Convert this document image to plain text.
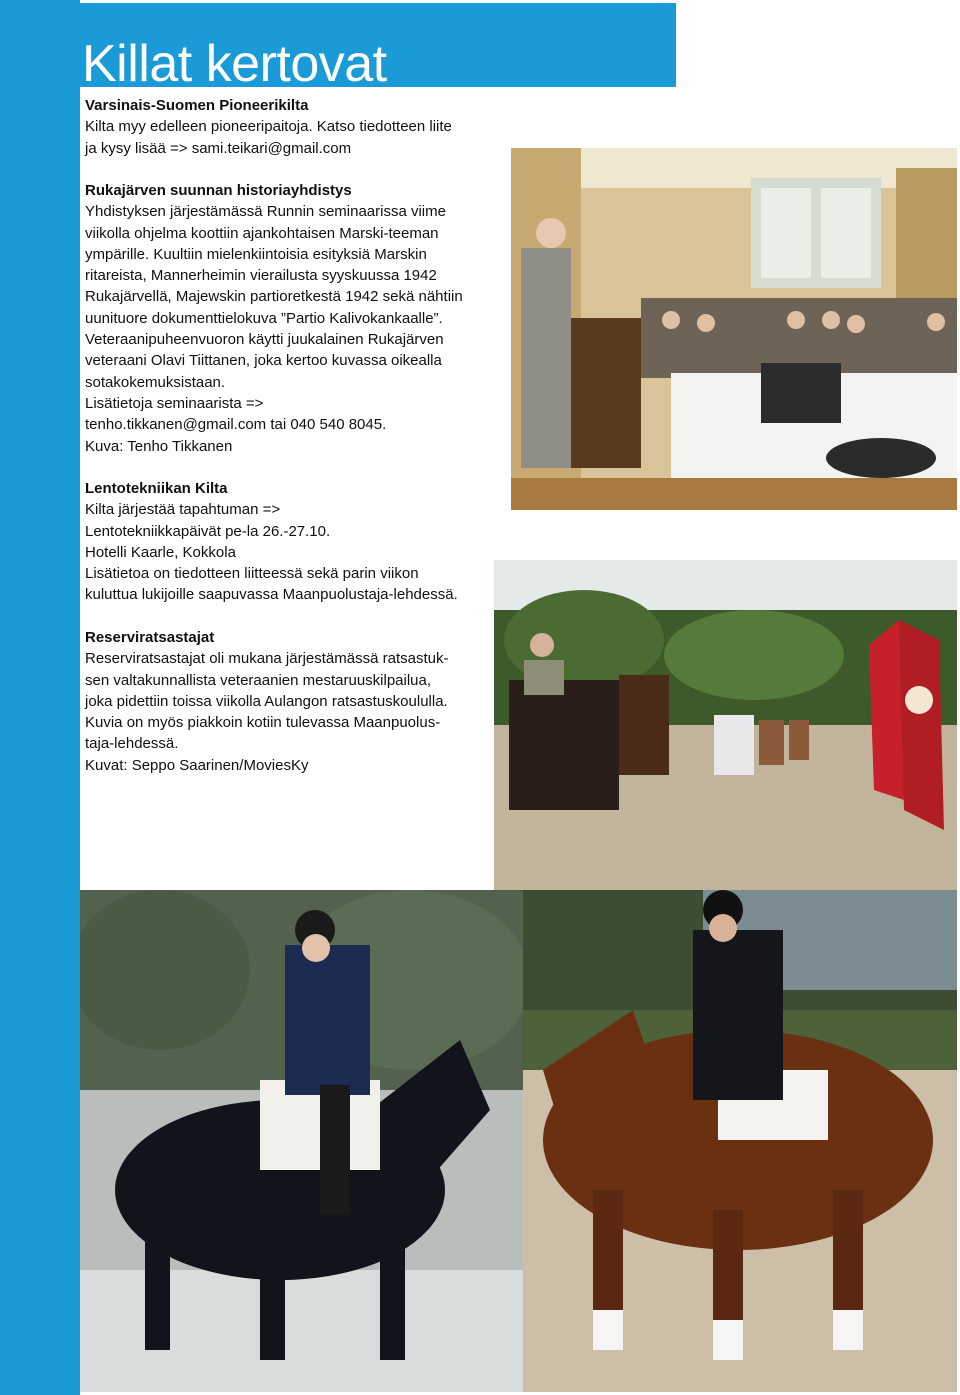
Killat kertovat
Varsinais-Suomen Pioneerikilta

Kilta myy edelleen pioneeripaitoja. Katso tiedotteen liite

ja kysy lisää => sami.teikari@gmail.com

Rukajärven suunnan historiayhdistys

Yhdistyksen järjestämässä Runnin seminaarissa viime

viikolla ohjelma koottiin ajankohtaisen Marski-teeman

ympärille. Kuultiin mielenkiintoisia esityksiä Marskin

ritareista, Mannerheimin vierailusta syyskuussa 1942

Rukajärvellä, Majewskin partioretkestä 1942 sekä nähtiin

uunituore dokumenttielokuva ”Partio Kalivokankaalle”.

Veteraanipuheenvuoron käytti juukalainen Rukajärven

veteraani Olavi Tiittanen, joka kertoo kuvassa oikealla

sotakokemuksistaan.

Lisätietoja seminaarista =>

tenho.tikkanen@gmail.com tai 040 540 8045.

Kuva: Tenho Tikkanen

Lentotekniikan Kilta

Kilta järjestää tapahtuman =>

Lentotekniikkapäivät pe-la 26.-27.10.

Hotelli Kaarle, Kokkola

Lisätietoa on tiedotteen liitteessä sekä parin viikon

kuluttua lukijoille saapuvassa Maanpuolustaja-lehdessä.

Reserviratsastajat

Reserviratsastajat oli mukana järjestämässä ratsastuk-

sen valtakunnallista veteraanien mestaruuskilpailua,

joka pidettiin toissa viikolla Aulangon ratsastuskoululla.

Kuvia on myös piakkoin kotiin tulevassa Maanpuolus-

taja-lehdessä.

Kuvat: Seppo Saarinen/MoviesKy
